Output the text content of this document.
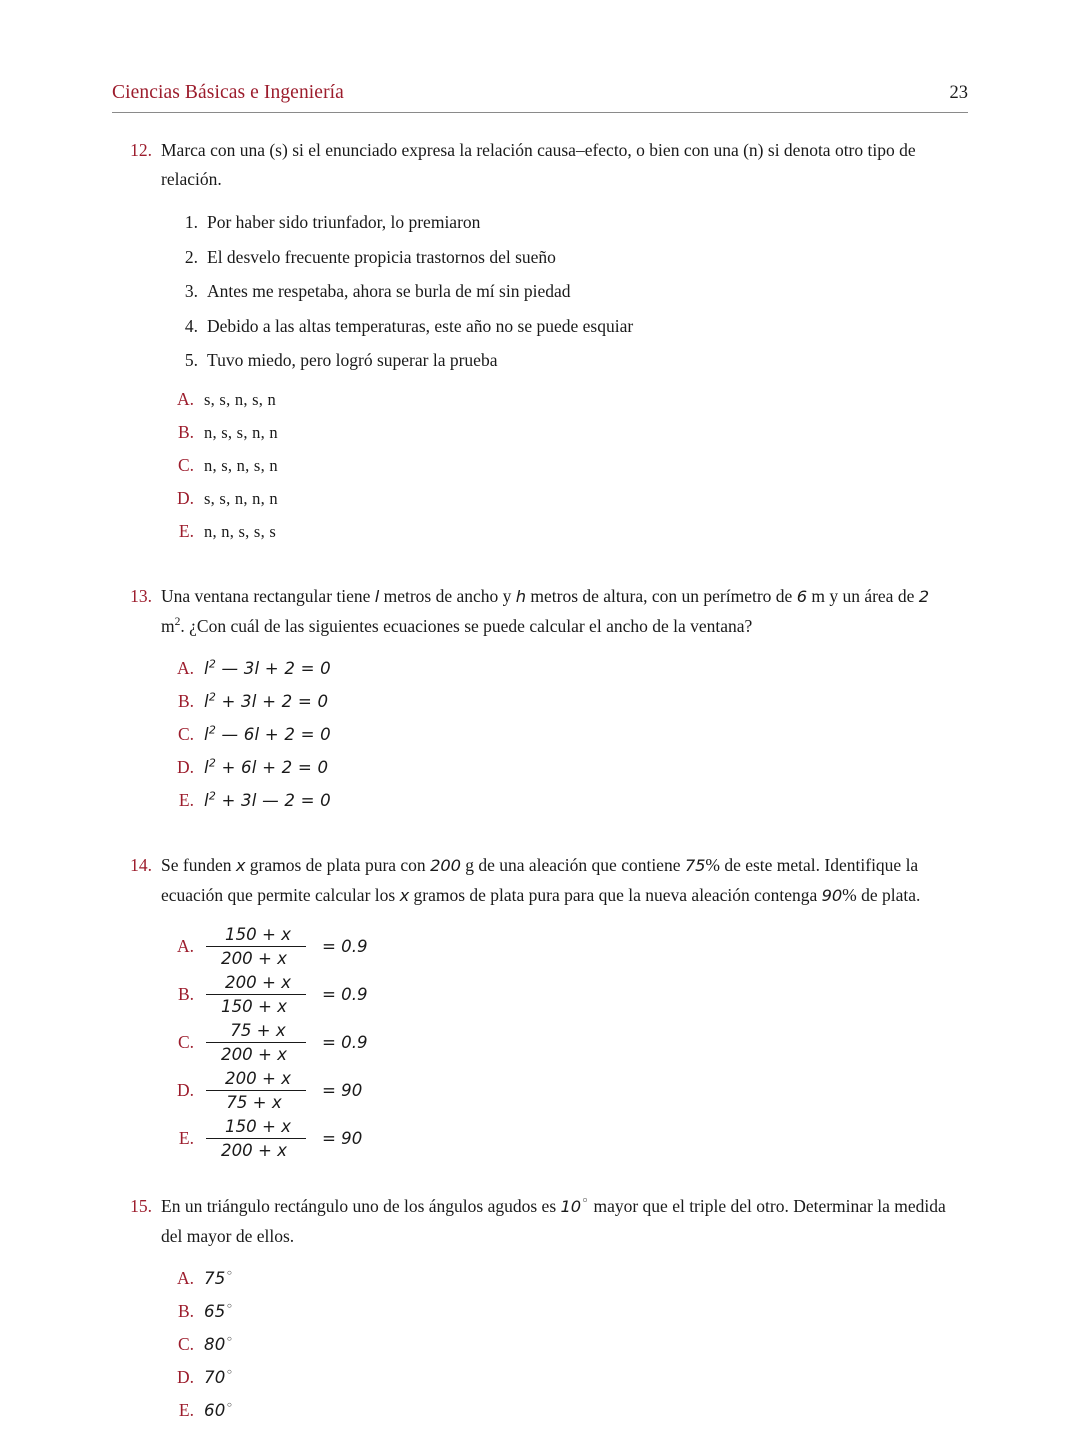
Ciencias Básicas e Ingeniería	23
12. Marca con una (s) si el enunciado expresa la relación causa–efecto, o bien con una (n) si denota otro tipo de relación.
1. Por haber sido triunfador, lo premiaron
2. El desvelo frecuente propicia trastornos del sueño
3. Antes me respetaba, ahora se burla de mí sin piedad
4. Debido a las altas temperaturas, este año no se puede esquiar
5. Tuvo miedo, pero logró superar la prueba
A. s, s, n, s, n
B. n, s, s, n, n
C. n, s, n, s, n
D. s, s, n, n, n
E. n, n, s, s, s
13. Una ventana rectangular tiene l metros de ancho y h metros de altura, con un perímetro de 6 m y un área de 2 $m^2$. ¿Con cuál de las siguientes ecuaciones se puede calcular el ancho de la ventana?
A. $l^2$ — 3l + 2 = 0
B. $l^2 + 3l + 2 = 0$
C. $l^2$ — 6l + 2 = 0
D. $l^2 + 6l + 2 = 0$
E. $l^2 + 3l$ — 2 = 0
14. Se funden x gramos de plata pura con 200 g de una aleación que contiene 75% de este metal. Identifique la ecuación que permite calcular los x gramos de plata pura para que la nueva aleación contenga 90% de plata.
A. $\frac{150 + x}{200 + x} = 0.9$
B. $\frac{200 + x}{150 + x} = 0.9$
C. $\frac{75 + x}{200 + x} = 0.9$
D. $\frac{200 + x}{75 + x} = 90$
E. $\frac{150 + x}{200 + x} = 90$
15. En un triángulo rectángulo uno de los ángulos agudos es 10◦ mayor que el triple del otro. Determinar la medida del mayor de ellos.
A. 75◦
B. 65◦
C. 80◦
D. 70◦
E. 60◦
